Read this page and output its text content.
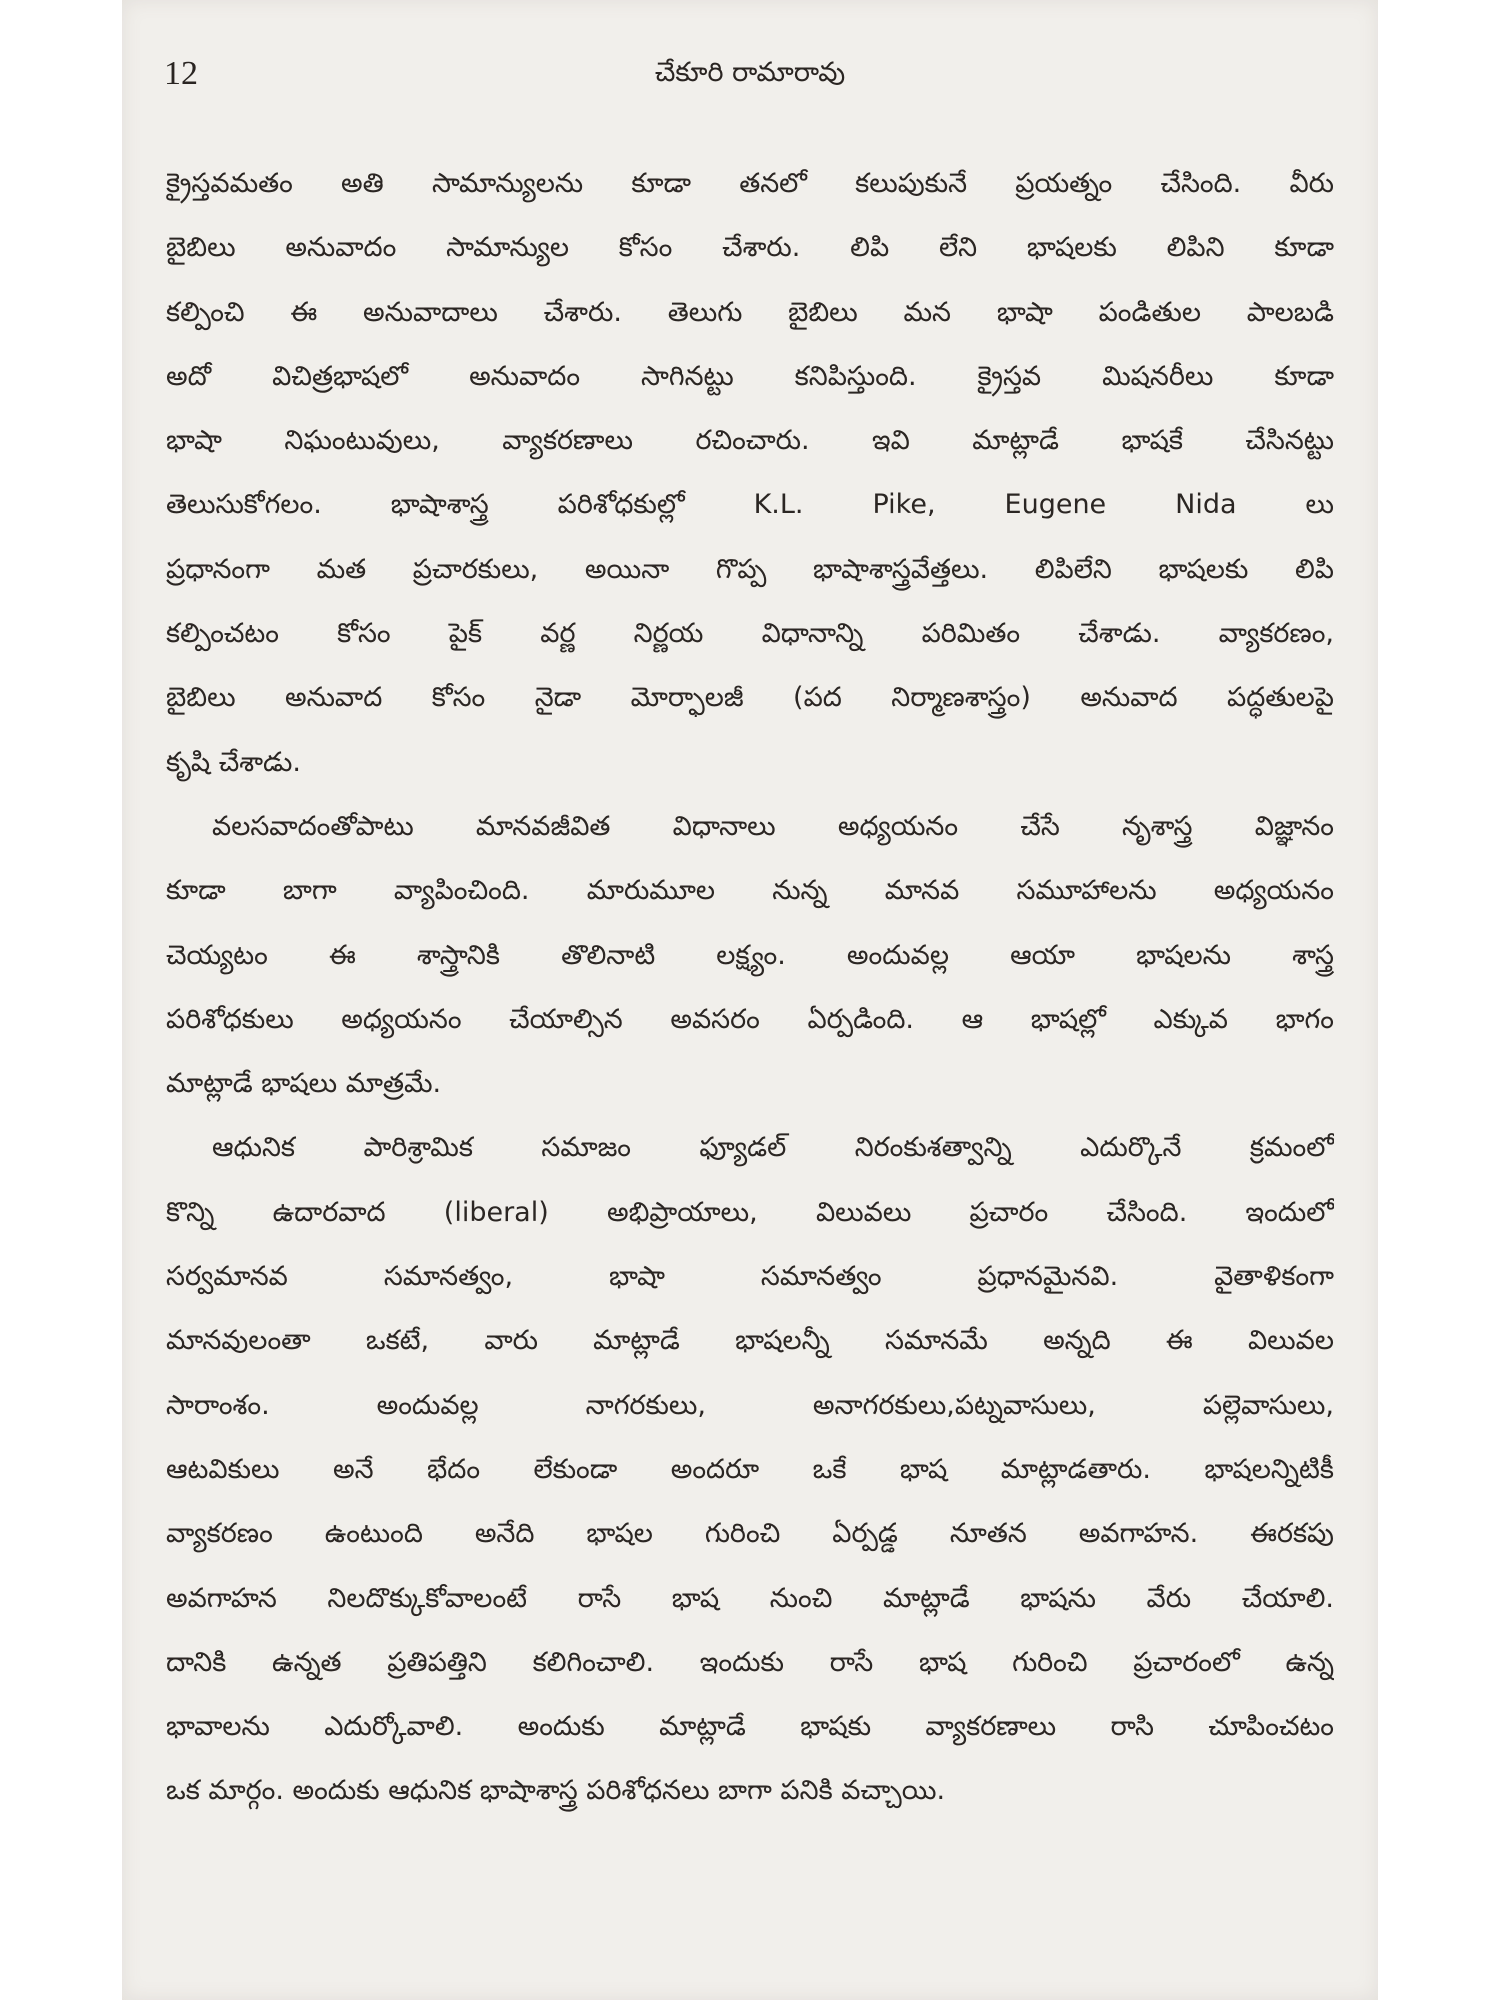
12	చేకూరి రామారావు
క్రైస్తవమతం అతి సామాన్యులను కూడా తనలో కలుపుకునే ప్రయత్నం చేసింది. వీరు
బైబిలు అనువాదం సామాన్యుల కోసం చేశారు. లిపి లేని భాషలకు లిపిని కూడా
కల్పించి ఈ అనువాదాలు చేశారు. తెలుగు బైబిలు మన భాషా పండితుల పాలబడి
అదో విచిత్రభాషలో అనువాదం సాగినట్టు కనిపిస్తుంది. క్రైస్తవ మిషనరీలు కూడా
భాషా నిఘంటువులు, వ్యాకరణాలు రచించారు. ఇవి మాట్లాడే భాషకే చేసినట్టు
తెలుసుకోగలం. భాషాశాస్త్ర పరిశోధకుల్లో K.L. Pike, Eugene Nida లు
ప్రధానంగా మత ప్రచారకులు, అయినా గొప్ప భాషాశాస్త్రవేత్తలు. లిపిలేని భాషలకు లిపి
కల్పించటం కోసం పైక్ వర్ణ నిర్ణయ విధానాన్ని పరిమితం చేశాడు. వ్యాకరణం,
బైబిలు అనువాద కోసం నైడా మోర్ఫాలజీ (పద నిర్మాణశాస్త్రం) అనువాద పద్ధతులపై
కృషి చేశాడు.
వలసవాదంతోపాటు మానవజీవిత విధానాలు అధ్యయనం చేసే నృశాస్త్ర విజ్ఞానం
కూడా బాగా వ్యాపించింది. మారుమూల నున్న మానవ సమూహాలను అధ్యయనం
చెయ్యటం ఈ శాస్త్రానికి తొలినాటి లక్ష్యం. అందువల్ల ఆయా భాషలను శాస్త్ర
పరిశోధకులు అధ్యయనం చేయాల్సిన అవసరం ఏర్పడింది. ఆ భాషల్లో ఎక్కువ భాగం
మాట్లాడే భాషలు మాత్రమే.
ఆధునిక పారిశ్రామిక సమాజం ఫ్యూడల్ నిరంకుశత్వాన్ని ఎదుర్కొనే క్రమంలో
కొన్ని ఉదారవాద (liberal) అభిప్రాయాలు, విలువలు ప్రచారం చేసింది. ఇందులో
సర్వమానవ సమానత్వం, భాషా సమానత్వం ప్రధానమైనవి. వైతాళికంగా
మానవులంతా ఒకటే, వారు మాట్లాడే భాషలన్నీ సమానమే అన్నది ఈ విలువల
సారాంశం. అందువల్ల నాగరకులు, అనాగరకులు,పట్నవాసులు, పల్లెవాసులు,
ఆటవికులు అనే భేదం లేకుండా అందరూ ఒకే భాష మాట్లాడతారు. భాషలన్నిటికీ
వ్యాకరణం ఉంటుంది అనేది భాషల గురించి ఏర్పడ్డ నూతన అవగాహన. ఈరకపు
అవగాహన నిలదొక్కుకోవాలంటే రాసే భాష నుంచి మాట్లాడే భాషను వేరు చేయాలి.
దానికి ఉన్నత ప్రతిపత్తిని కలిగించాలి. ఇందుకు రాసే భాష గురించి ప్రచారంలో ఉన్న
భావాలను ఎదుర్కోవాలి. అందుకు మాట్లాడే భాషకు వ్యాకరణాలు రాసి చూపించటం
ఒక మార్గం. అందుకు ఆధునిక భాషాశాస్త్ర పరిశోధనలు బాగా పనికి వచ్చాయి.
